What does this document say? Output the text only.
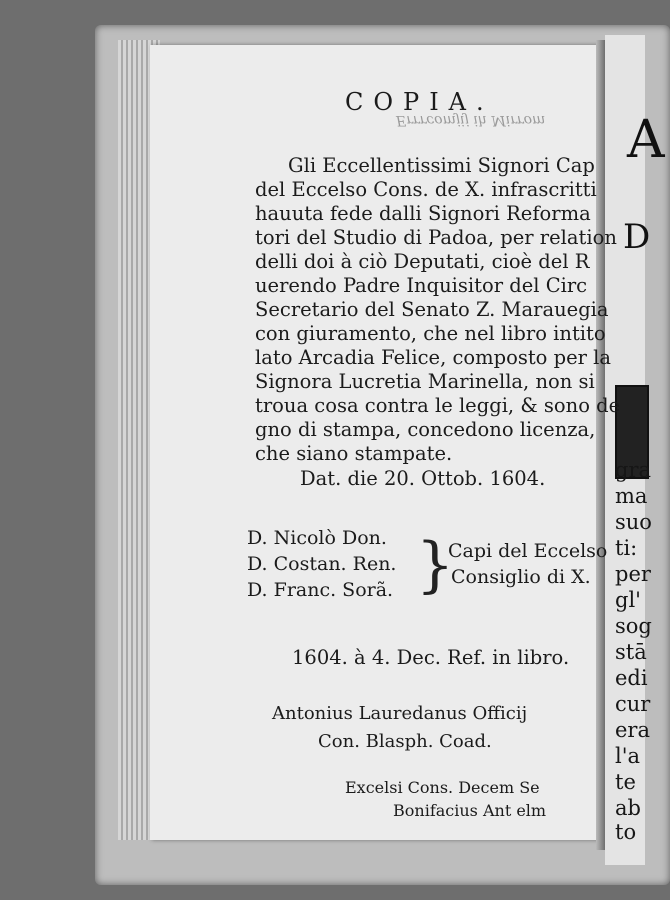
A
D
gra
ma
suo
ti:
per
gl'
sog
stā
edi
cur
era
l'a
te
ab
to
COPIA.
Errrcomjij ih Mirrom
Gli Eccellentissimi Signori Cap
del Eccelso Cons. de X. infrascritti
hauuta fede dalli Signori Reforma
tori del Studio di Padoa, per relation
delli doi à ciò Deputati, cioè del R
uerendo Padre Inquisitor del Circ
Secretario del Senato Z. Marauegia
con giuramento, che nel libro intito
lato Arcadia Felice, composto per la
Signora Lucretia Marinella, non si
troua cosa contra le leggi, & sono de
gno di stampa, concedono licenza,
che siano stampate.
Dat. die 20. Ottob. 1604.
D. Nicolò Don.
D. Costan. Ren.
D. Franc. Sorã. }
Capi del Eccelso
Consiglio di X.
1604. à 4. Dec. Ref. in libro.
Antonius Lauredanus Officij
Con. Blasph. Coad.
Excelsi Cons. Decem Se
Bonifacius Ant elm
